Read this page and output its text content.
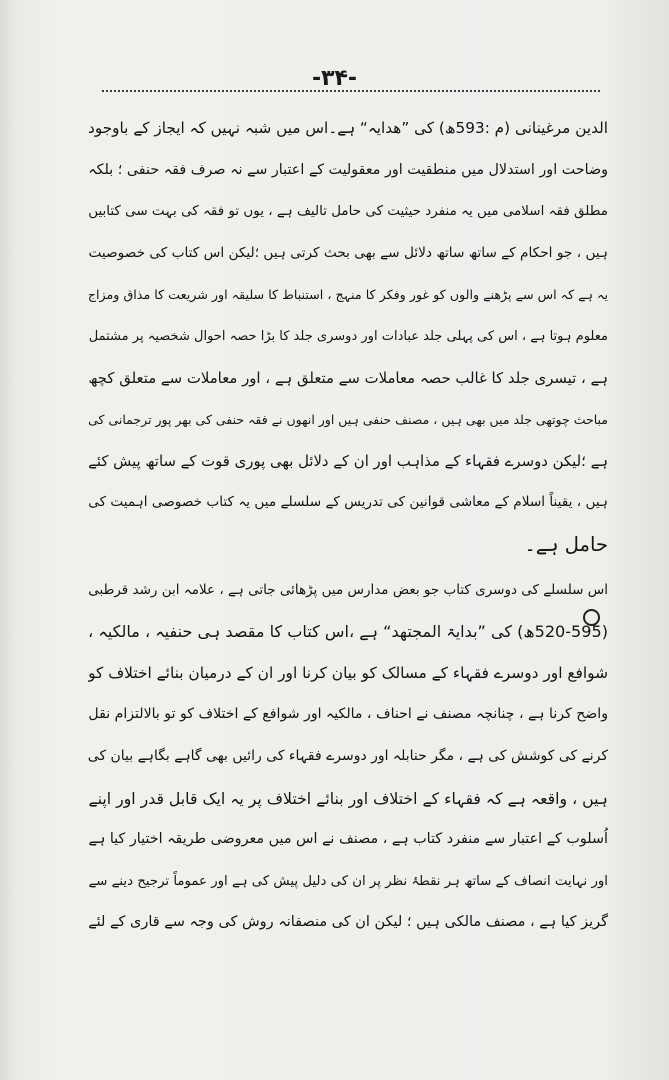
-۳۴-
الدین مرغینانی (م :593ھ) کی ”ھدایہ“ ہے۔اس میں شبہ نہیں کہ ایجاز کے باوجود
وضاحت اور استدلال میں منطقیت اور معقولیت کے اعتبار سے نہ صرف فقہ حنفی ؛ بلکہ
مطلق فقہ اسلامی میں یہ منفرد حیثیت کی حامل تالیف ہے ، یوں تو فقہ کی بہت سی کتابیں
ہیں ، جو احکام کے ساتھ ساتھ دلائل سے بھی بحث کرتی ہیں ؛لیکن اس کتاب کی خصوصیت
یہ ہے کہ اس سے پڑھنے والوں کو غور وفکر کا منہج ، استنباط کا سلیقہ اور شریعت کا مذاق ومزاج
معلوم ہوتا ہے ، اس کی پہلی جلد عبادات اور دوسری جلد کا بڑا حصہ احوال شخصیہ پر مشتمل
ہے ، تیسری جلد کا غالب حصہ معاملات سے متعلق ہے ، اور معاملات سے متعلق کچھ
مباحث چوتھی جلد میں بھی ہیں ، مصنف حنفی ہیں اور انھوں نے فقہ حنفی کی بھر پور ترجمانی کی
ہے ؛لیکن دوسرے فقہاء کے مذاہب اور ان کے دلائل بھی پوری قوت کے ساتھ پیش کئے
ہیں ، یقیناً اسلام کے معاشی قوانین کی تدریس کے سلسلے میں یہ کتاب خصوصی اہمیت کی
حامل ہے۔
اس سلسلے کی دوسری کتاب جو بعض مدارس میں پڑھائی جاتی ہے ، علامہ ابن رشد قرطبی
(520-595ھ) کی ”بدایۃ المجتھد“ ہے ،اس کتاب کا مقصد ہی حنفیہ ، مالکیہ ،
شوافع اور دوسرے فقہاء کے مسالک کو بیان کرنا اور ان کے درمیان بنائے اختلاف کو
واضح کرنا ہے ، چنانچہ مصنف نے احناف ، مالکیہ اور شوافع کے اختلاف کو تو بالالتزام نقل
کرنے کی کوشش کی ہے ، مگر حنابلہ اور دوسرے فقہاء کی رائیں بھی گاہے بگاہے بیان کی
ہیں ، واقعہ ہے کہ فقہاء کے اختلاف اور بنائے اختلاف پر یہ ایک قابل قدر اور اپنے
اُسلوب کے اعتبار سے منفرد کتاب ہے ، مصنف نے اس میں معروضی طریقہ اختیار کیا ہے
اور نہایت انصاف کے ساتھ ہر نقطۂ نظر پر ان کی دلیل پیش کی ہے اور عموماً ترجیح دینے سے
گریز کیا ہے ، مصنف مالکی ہیں ؛ لیکن ان کی منصفانہ روش کی وجہ سے قاری کے لئے
